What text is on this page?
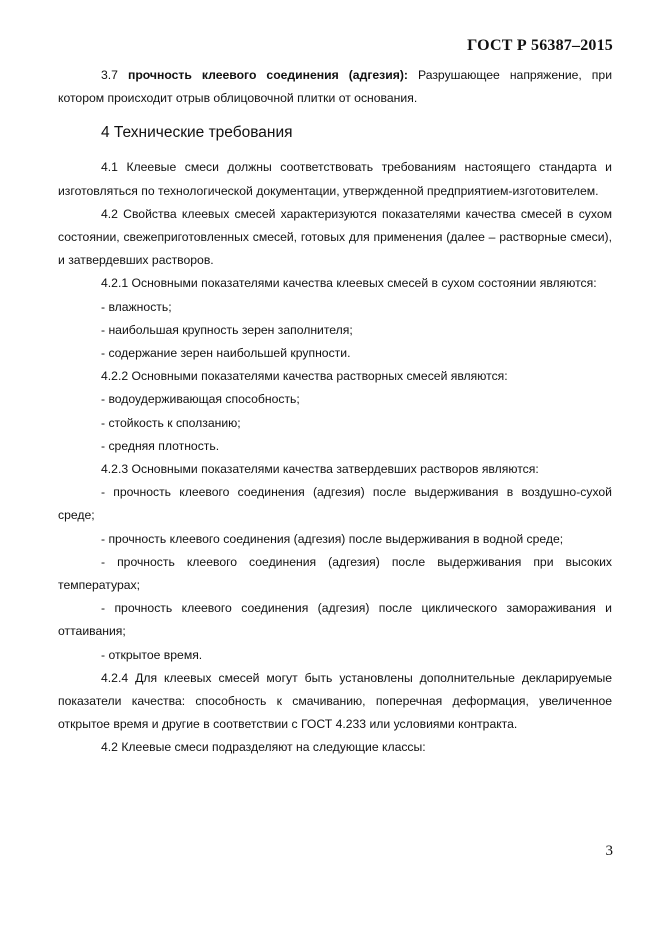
ГОСТ Р 56387–2015

3.7 прочность клеевого соединения (адгезия): Разрушающее напряжение, при котором происходит отрыв облицовочной плитки от основания.

4 Технические требования

4.1 Клеевые смеси должны соответствовать требованиям настоящего стандарта и изготовляться по технологической документации, утвержденной предприятием-изготовителем.

4.2 Свойства клеевых смесей характеризуются показателями качества смесей в сухом состоянии, свежеприготовленных смесей, готовых для применения (далее – растворные смеси), и затвердевших растворов.

4.2.1 Основными показателями качества клеевых смесей в сухом состоянии являются:

- влажность;

- наибольшая крупность зерен заполнителя;

- содержание зерен наибольшей крупности.

4.2.2 Основными показателями качества растворных смесей являются:

- водоудерживающая способность;

- стойкость к сползанию;

- средняя плотность.

4.2.3 Основными показателями качества затвердевших растворов являются:

- прочность клеевого соединения (адгезия) после выдерживания в воздушно-сухой среде;

- прочность клеевого соединения (адгезия) после выдерживания в водной среде;

- прочность клеевого соединения (адгезия) после выдерживания при высоких температурах;

- прочность клеевого соединения (адгезия) после циклического замораживания и оттаивания;

- открытое время.

4.2.4 Для клеевых смесей могут быть установлены дополнительные декларируемые показатели качества: способность к смачиванию, поперечная деформация, увеличенное открытое время и другие в соответствии с ГОСТ 4.233 или условиями контракта.

4.2 Клеевые смеси подразделяют на следующие классы:

3
